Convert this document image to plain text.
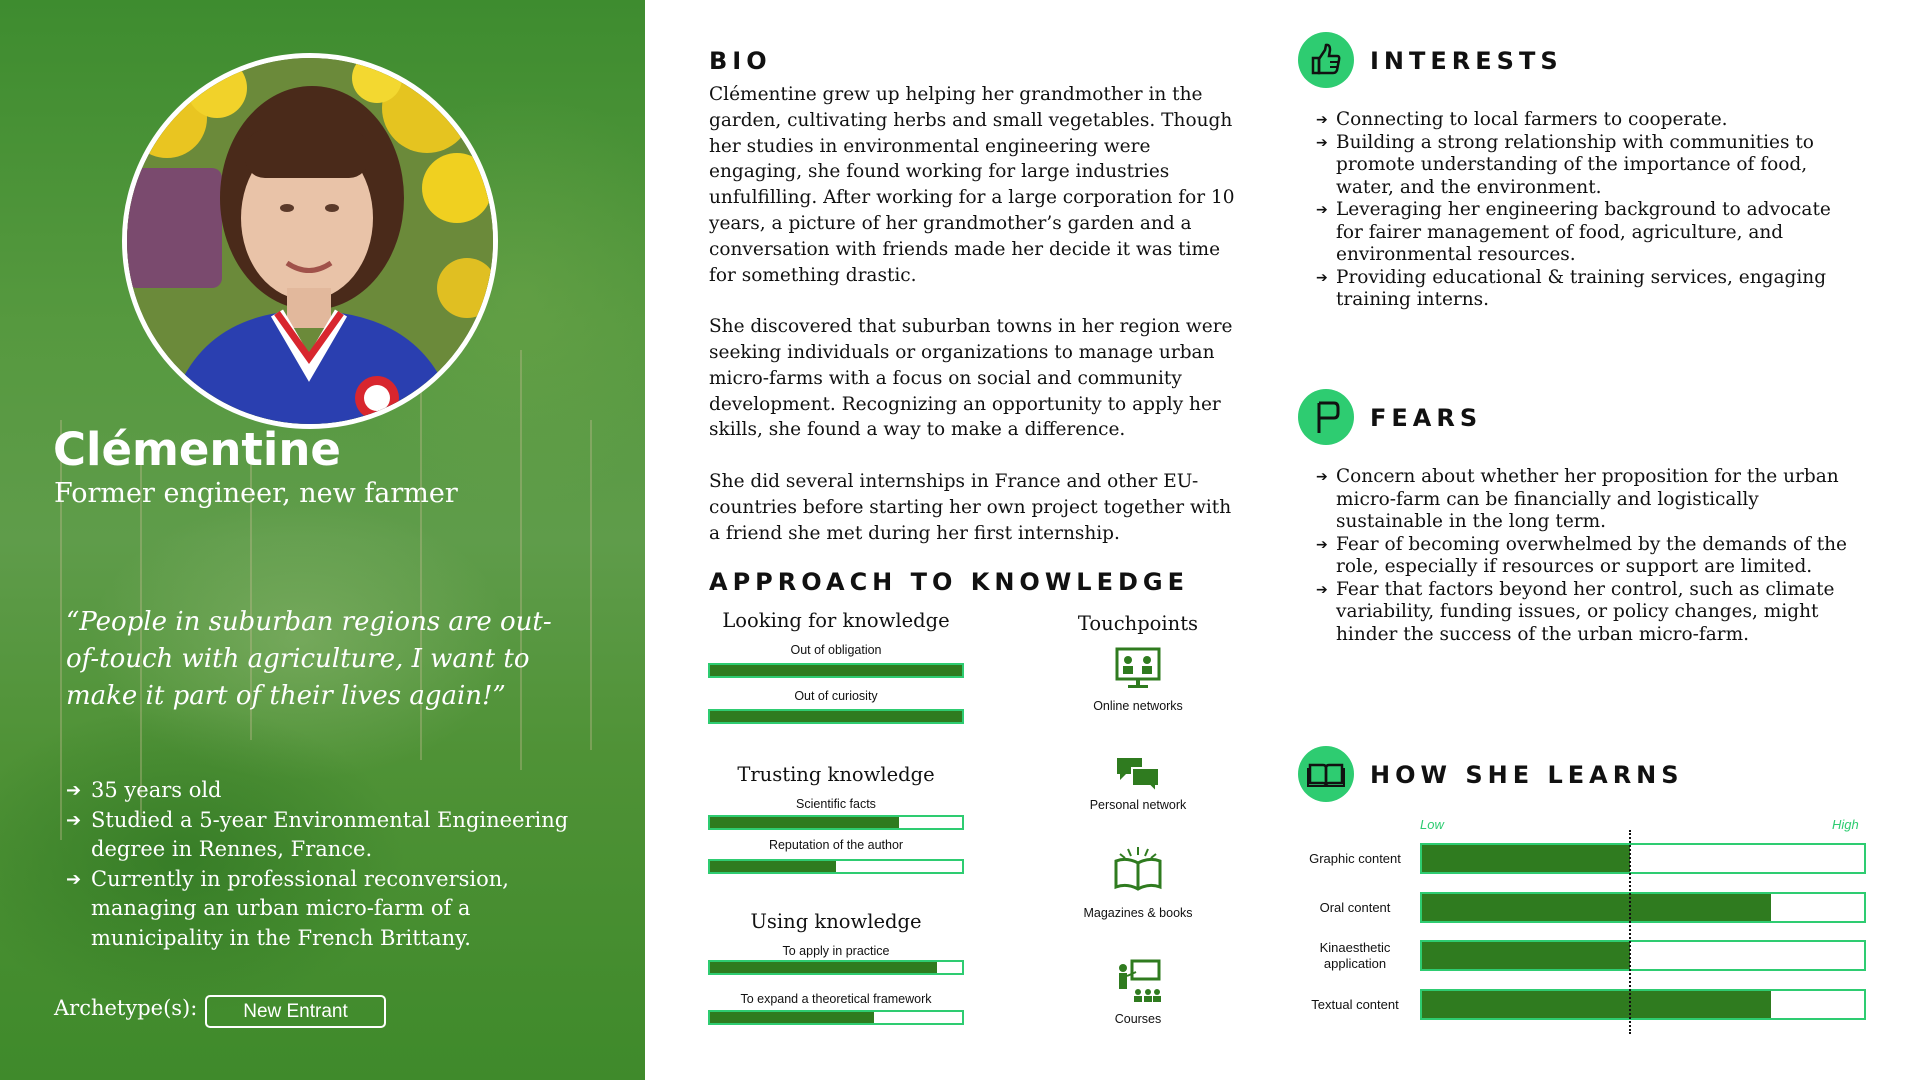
Clémentine
Former engineer, new farmer
“People in suburban regions are out-of-touch with agriculture, I want to make it part of their lives again!”
➔ 35 years old
➔ Studied a 5-year Environmental Engineering degree in Rennes, France.
➔ Currently in professional reconversion, managing an urban micro-farm of a municipality in the French Brittany.
Archetype(s):	New Entrant
BIO

Clémentine grew up helping her grandmother in the garden, cultivating herbs and small vegetables. Though her studies in environmental engineering were engaging, she found working for large industries unfulfilling. After working for a large corporation for 10 years, a picture of her grandmother’s garden and a conversation with friends made her decide it was time for something drastic.

She discovered that suburban towns in her region were seeking individuals or organizations to manage urban micro-farms with a focus on social and community development. Recognizing an opportunity to apply her skills, she found a way to make a difference.

She did several internships in France and other EU-countries before starting her own project together with a friend she met during her first internship.

APPROACH TO KNOWLEDGE
Looking for knowledge
Out of obligation
Out of curiosity
Trusting knowledge
Scientific facts
Reputation of the author
Using knowledge
To apply in practice
To expand a theoretical framework
Touchpoints
Online networks
Personal network
Magazines & books
Courses
INTERESTS
➔ Connecting to local farmers to cooperate.
➔ Building a strong relationship with communities to promote understanding of the importance of food, water, and the environment.
➔ Leveraging her engineering background to advocate for fairer management of food, agriculture, and environmental resources.
➔ Providing educational & training services, engaging training interns.
FEARS
➔ Concern about whether her proposition for the urban micro-farm can be financially and logistically sustainable in the long term.
➔ Fear of becoming overwhelmed by the demands of the role, especially if resources or support are limited.
➔ Fear that factors beyond her control, such as climate variability, funding issues, or policy changes, might hinder the success of the urban micro-farm.
HOW SHE LEARNS
Low	High
Graphic content
Oral content
Kinaesthetic application
Textual content
